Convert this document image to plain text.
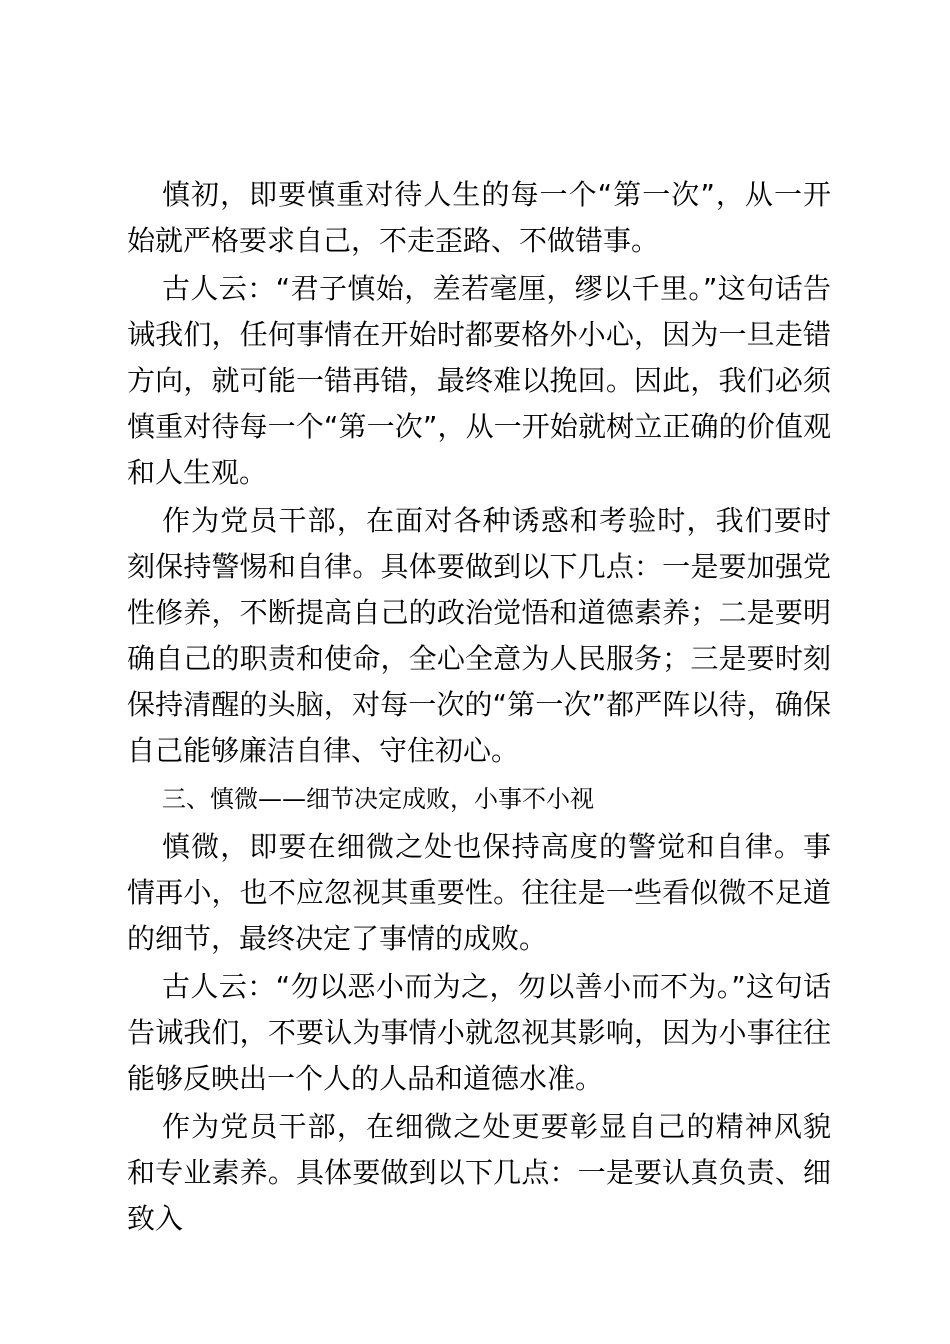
慎初，即要慎重对待人生的每一个“第一次”，从一开始就严格要求自己，不走歪路、不做错事。

古人云：“君子慎始，差若毫厘，缪以千里。”这句话告诫我们，任何事情在开始时都要格外小心，因为一旦走错方向，就可能一错再错，最终难以挽回。因此，我们必须慎重对待每一个“第一次”，从一开始就树立正确的价值观和人生观。

作为党员干部，在面对各种诱惑和考验时，我们要时刻保持警惕和自律。具体要做到以下几点：一是要加强党性修养，不断提高自己的政治觉悟和道德素养；二是要明确自己的职责和使命，全心全意为人民服务；三是要时刻保持清醒的头脑，对每一次的“第一次”都严阵以待，确保自己能够廉洁自律、守住初心。

三、慎微——细节决定成败，小事不小视

慎微，即要在细微之处也保持高度的警觉和自律。事情再小，也不应忽视其重要性。往往是一些看似微不足道的细节，最终决定了事情的成败。

古人云：“勿以恶小而为之，勿以善小而不为。”这句话告诫我们，不要认为事情小就忽视其影响，因为小事往往能够反映出一个人的人品和道德水准。

作为党员干部，在细微之处更要彰显自己的精神风貌和专业素养。具体要做到以下几点：一是要认真负责、细致入
